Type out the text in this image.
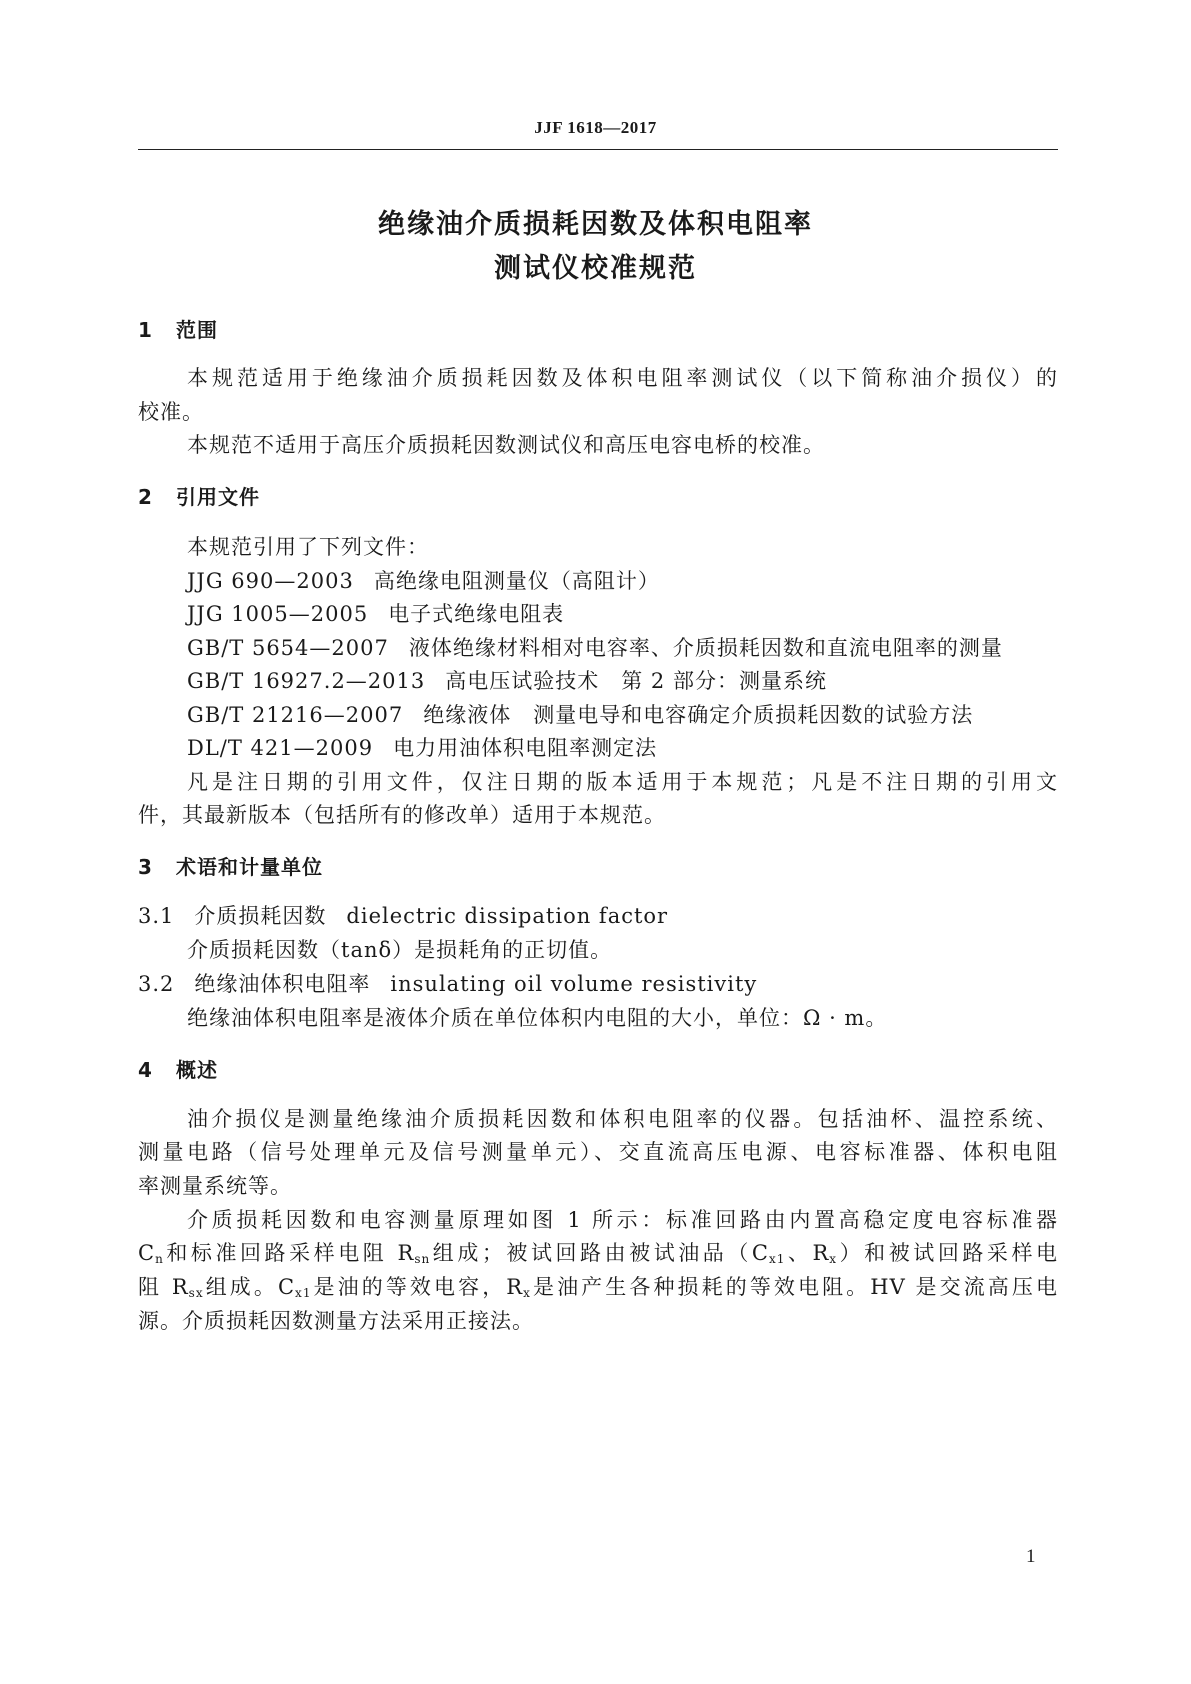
JJF 1618—2017
绝缘油介质损耗因数及体积电阻率
测试仪校准规范
1 范围
本规范适用于绝缘油介质损耗因数及体积电阻率测试仪（以下简称油介损仪）的
校准。
本规范不适用于高压介质损耗因数测试仪和高压电容电桥的校准。
2 引用文件
本规范引用了下列文件：
JJG 690—2003 高绝缘电阻测量仪（高阻计）
JJG 1005—2005 电子式绝缘电阻表
GB/T 5654—2007 液体绝缘材料相对电容率、介质损耗因数和直流电阻率的测量
GB/T 16927.2—2013 高电压试验技术　第 2 部分：测量系统
GB/T 21216—2007 绝缘液体　测量电导和电容确定介质损耗因数的试验方法
DL/T 421—2009 电力用油体积电阻率测定法
凡是注日期的引用文件，仅注日期的版本适用于本规范；凡是不注日期的引用文
件，其最新版本（包括所有的修改单）适用于本规范。
3 术语和计量单位
3.1 介质损耗因数 dielectric dissipation factor
介质损耗因数（tanδ）是损耗角的正切值。
3.2 绝缘油体积电阻率 insulating oil volume resistivity
绝缘油体积电阻率是液体介质在单位体积内电阻的大小，单位：Ω · m。
4 概述
油介损仪是测量绝缘油介质损耗因数和体积电阻率的仪器。包括油杯、温控系统、
测量电路（信号处理单元及信号测量单元）、交直流高压电源、电容标准器、体积电阻
率测量系统等。
介质损耗因数和电容测量原理如图 1 所示：标准回路由内置高稳定度电容标准器
$C_n$和标准回路采样电阻 $R_{sn}$组成；被试回路由被试油品（$C_{x1}$、$R_x$）和被试回路采样电
阻 $R_{sx}$组成。$C_{x1}$是油的等效电容，$R_x$是油产生各种损耗的等效电阻。HV 是交流高压电
源。介质损耗因数测量方法采用正接法。
1
